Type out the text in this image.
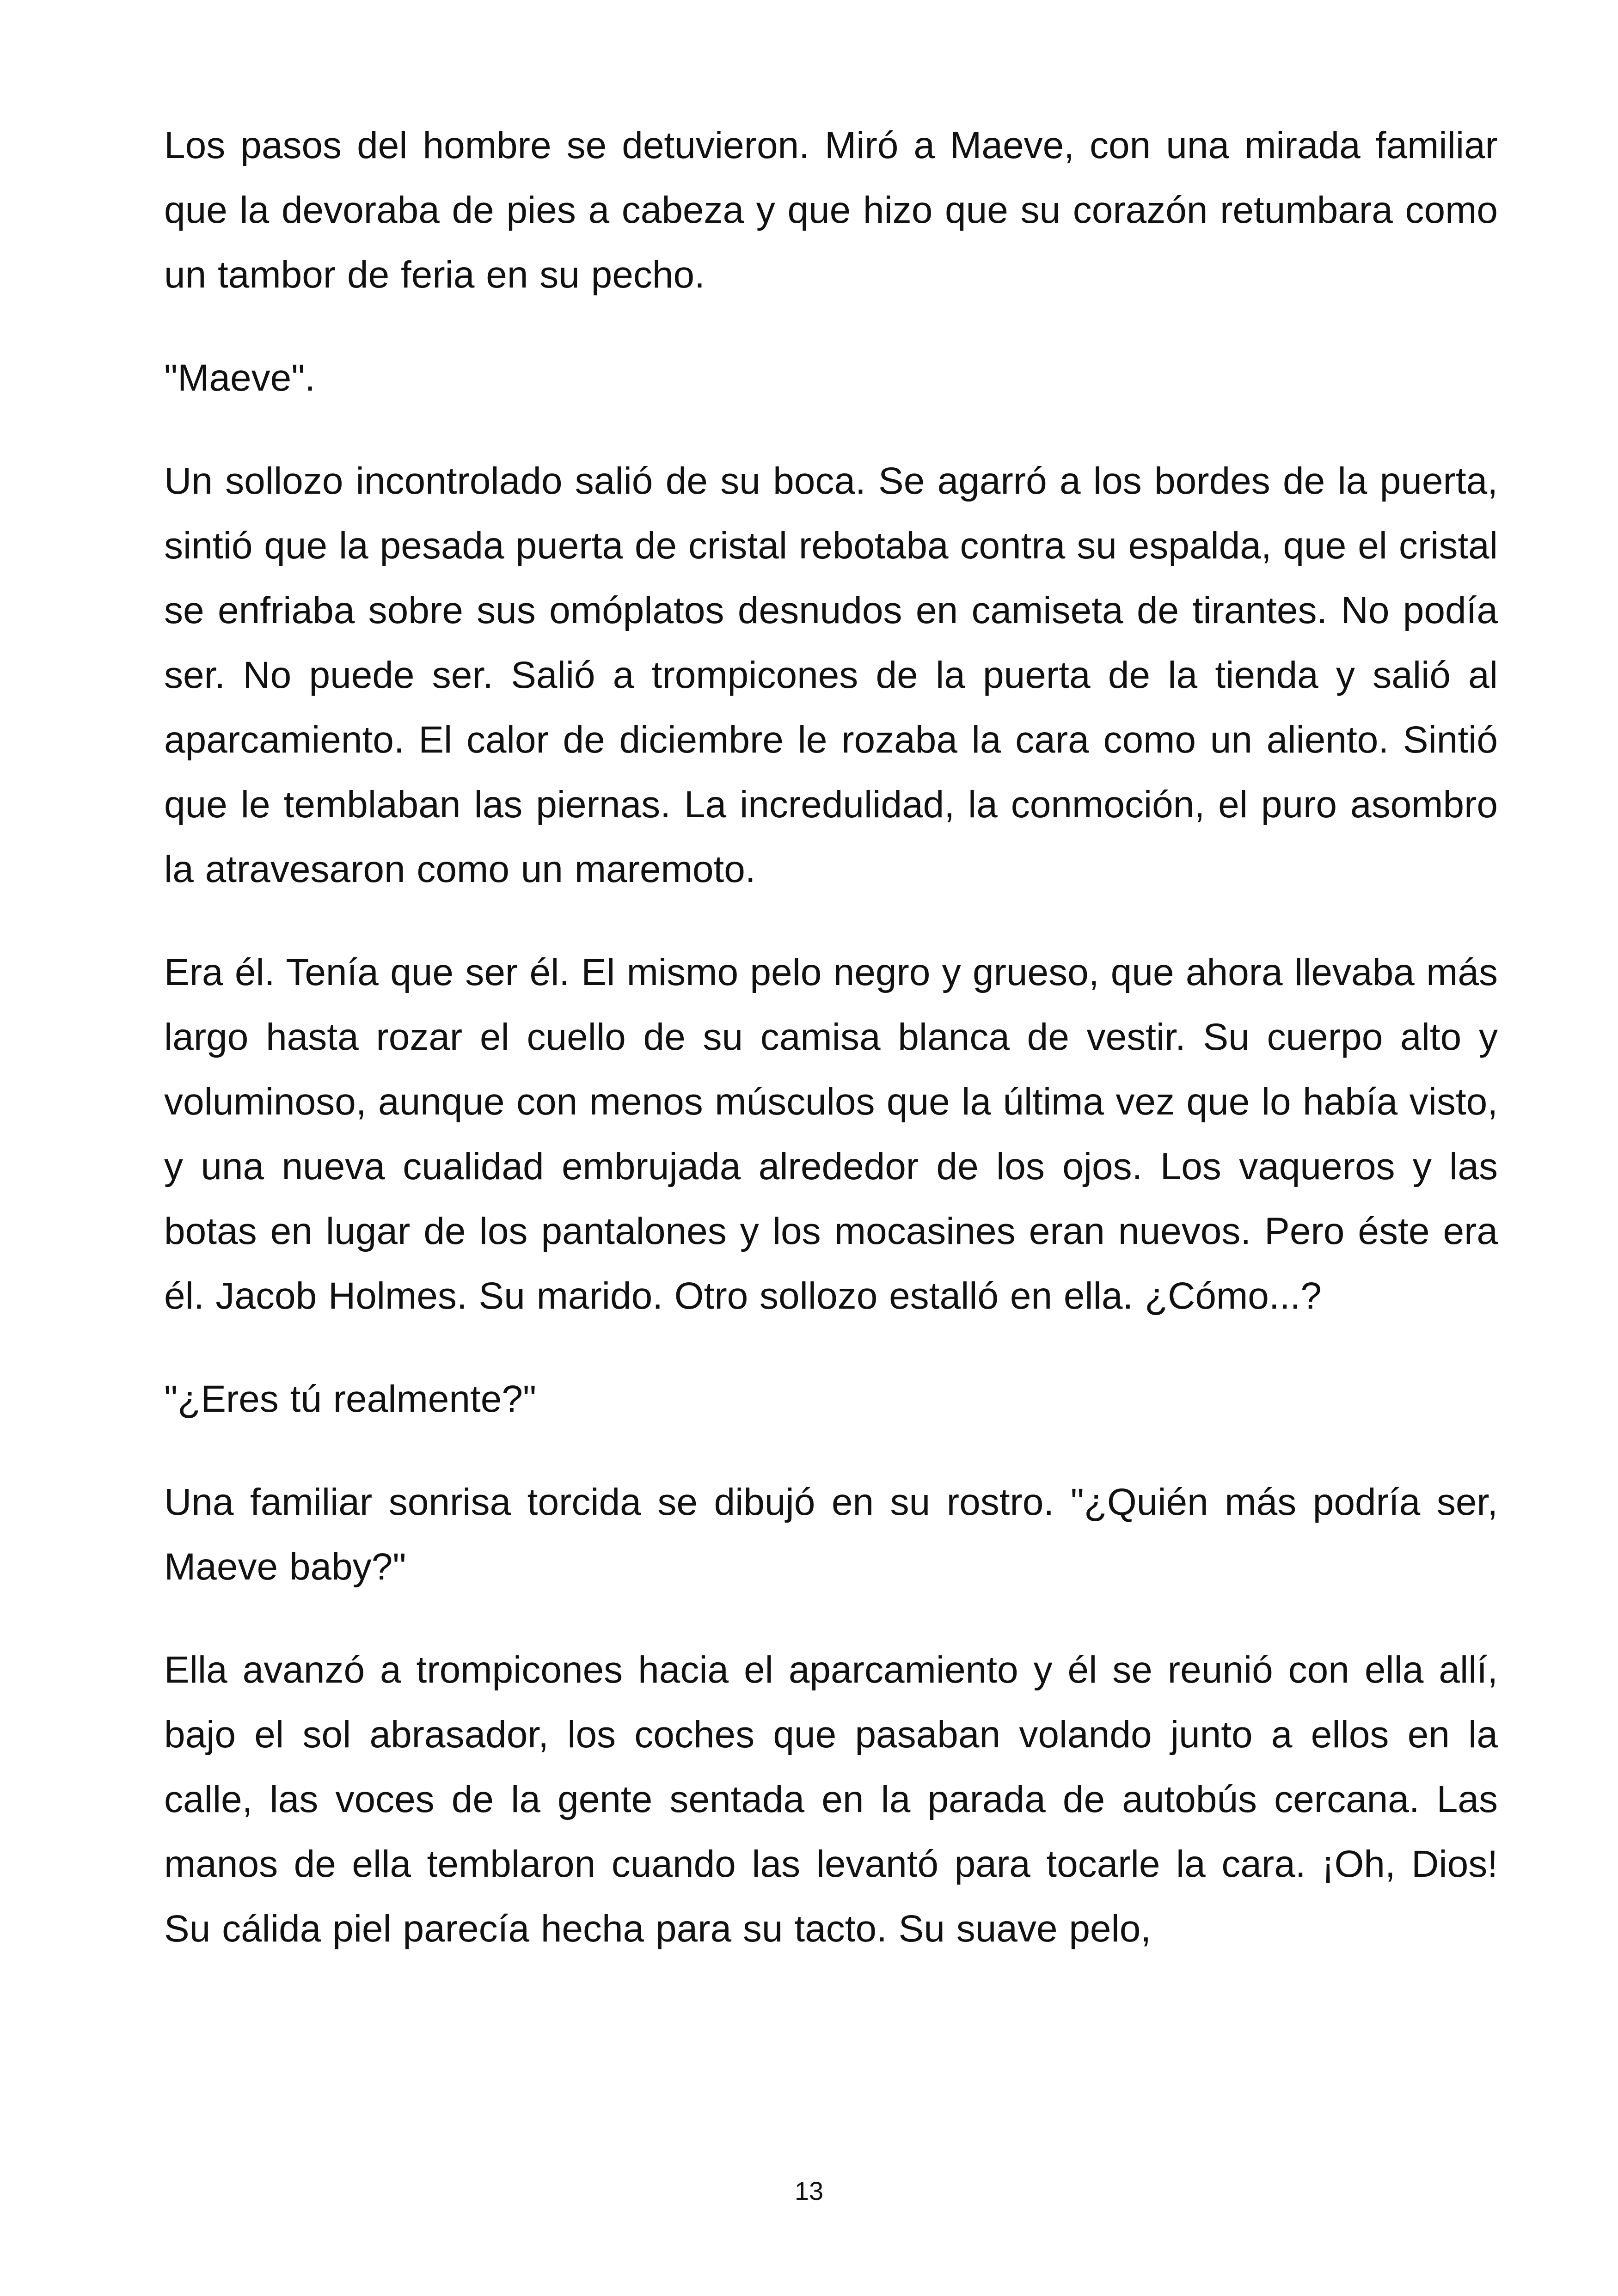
Los pasos del hombre se detuvieron. Miró a Maeve, con una mirada familiar que la devoraba de pies a cabeza y que hizo que su corazón retumbara como un tambor de feria en su pecho.

"Maeve".

Un sollozo incontrolado salió de su boca. Se agarró a los bordes de la puerta, sintió que la pesada puerta de cristal rebotaba contra su espalda, que el cristal se enfriaba sobre sus omóplatos desnudos en camiseta de tirantes. No podía ser. No puede ser. Salió a trompicones de la puerta de la tienda y salió al aparcamiento. El calor de diciembre le rozaba la cara como un aliento. Sintió que le temblaban las piernas. La incredulidad, la conmoción, el puro asombro la atravesaron como un maremoto.

Era él. Tenía que ser él. El mismo pelo negro y grueso, que ahora llevaba más largo hasta rozar el cuello de su camisa blanca de vestir. Su cuerpo alto y voluminoso, aunque con menos músculos que la última vez que lo había visto, y una nueva cualidad embrujada alrededor de los ojos. Los vaqueros y las botas en lugar de los pantalones y los mocasines eran nuevos. Pero éste era él. Jacob Holmes. Su marido. Otro sollozo estalló en ella. ¿Cómo...?

"¿Eres tú realmente?"

Una familiar sonrisa torcida se dibujó en su rostro. "¿Quién más podría ser, Maeve baby?"

Ella avanzó a trompicones hacia el aparcamiento y él se reunió con ella allí, bajo el sol abrasador, los coches que pasaban volando junto a ellos en la calle, las voces de la gente sentada en la parada de autobús cercana. Las manos de ella temblaron cuando las levantó para tocarle la cara. ¡Oh, Dios! Su cálida piel parecía hecha para su tacto. Su suave pelo,

13
